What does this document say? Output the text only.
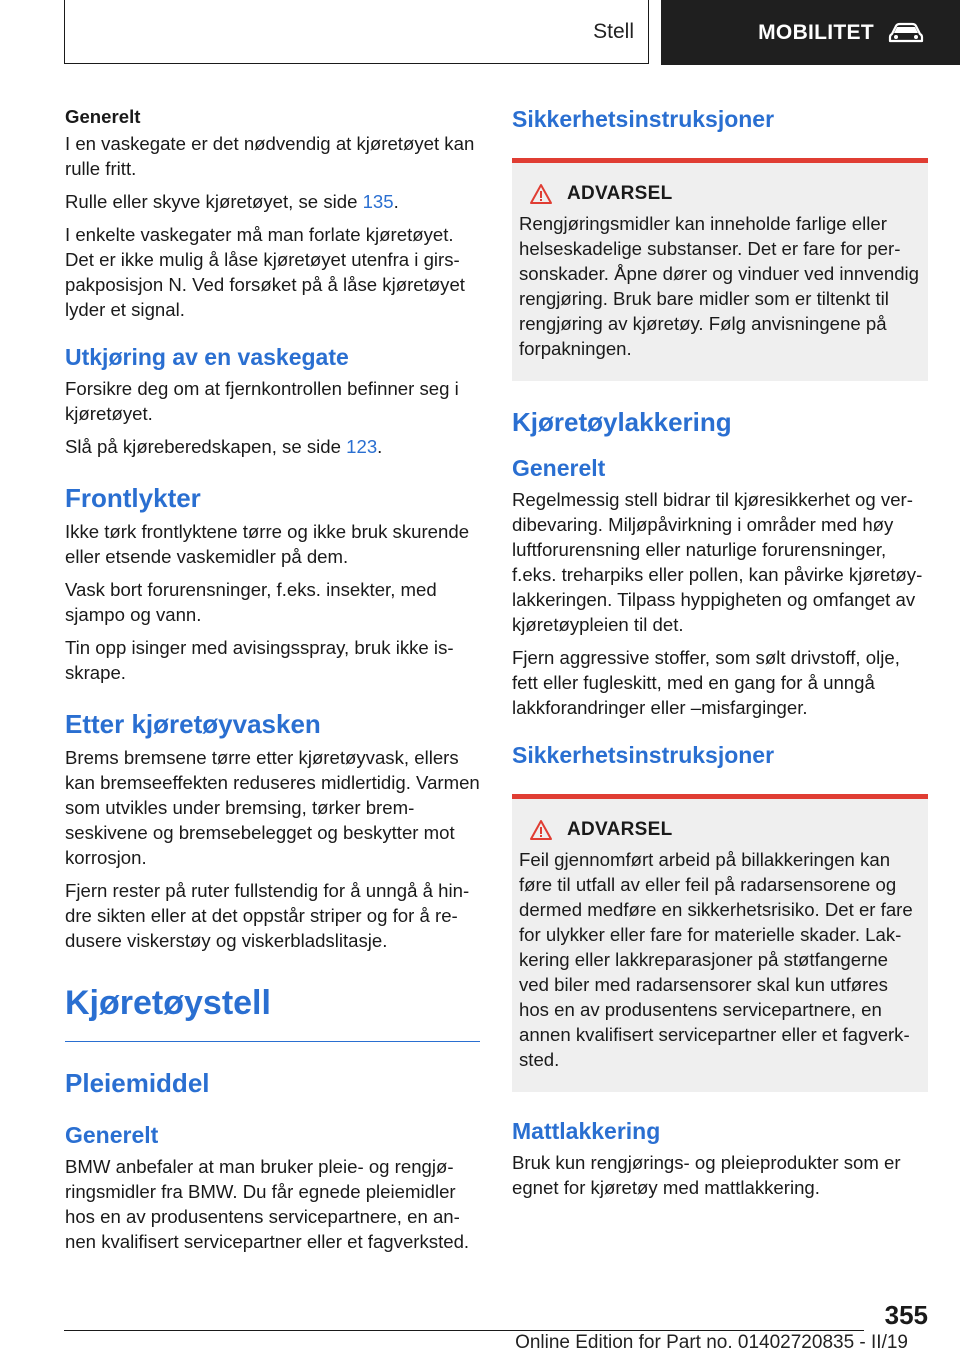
Stell	MOBILITET
Generelt

I en vaskegate er det nødvendig at kjøretøyet kan rulle fritt.

Rulle eller skyve kjøretøyet, se side 135.

I enkelte vaskegater må man forlate kjøretøyet. Det er ikke mulig å låse kjøretøyet utenfra i girspakposisjon N. Ved forsøket på å låse kjøretøyet lyder et signal.

Utkjøring av en vaskegate

Forsikre deg om at fjernkontrollen befinner seg i kjøretøyet.

Slå på kjøreberedskapen, se side 123.

Frontlykter

Ikke tørk frontlyktene tørre og ikke bruk skurende eller etsende vaskemidler på dem.

Vask bort forurensninger, f.eks. insekter, med sjampo og vann.

Tin opp isinger med avisingsspray, bruk ikke isskrape.

Etter kjøretøyvasken

Brems bremsene tørre etter kjøretøyvask, ellers kan bremseeffekten reduseres midlertidig. Varmen som utvikles under bremsing, tørker bremseskivene og bremsebelegget og beskytter mot korrosjon.

Fjern rester på ruter fullstendig for å unngå å hindre sikten eller at det oppstår striper og for å redusere viskerstøy og viskerbladslitasje.

Kjøretøystell
Pleiemiddel
Generelt

BMW anbefaler at man bruker pleie- og rengjøringsmidler fra BMW. Du får egnede pleiemidler hos en av produsentens servicepartnere, en annen kvalifisert servicepartner eller et fagverksted.

Sikkerhetsinstruksjoner
ADVARSEL

Rengjøringsmidler kan inneholde farlige eller helseskadelige substanser. Det er fare for personskader. Åpne dører og vinduer ved innvendig rengjøring. Bruk bare midler som er tiltenkt til rengjøring av kjøretøy. Følg anvisningene på forpakningen.

Kjøretøylakkering
Generelt

Regelmessig stell bidrar til kjøresikkerhet og verdibevaring. Miljøpåvirkning i områder med høy luftforurensning eller naturlige forurensninger, f.eks. treharpiks eller pollen, kan påvirke kjøretøylakkeringen. Tilpass hyppigheten og omfanget av kjøretøypleien til det.

Fjern aggressive stoffer, som sølt drivstoff, olje, fett eller fugleskitt, med en gang for å unngå lakkforandringer eller –misfarginger.

Sikkerhetsinstruksjoner
ADVARSEL

Feil gjennomført arbeid på billakkeringen kan føre til utfall av eller feil på radarsensorene og dermed medføre en sikkerhetsrisiko. Det er fare for ulykker eller fare for materielle skader. Lakkering eller lakkreparasjoner på støtfangerne ved biler med radarsensorer skal kun utføres hos en av produsentens servicepartnere, en annen kvalifisert servicepartner eller et fagverksted.

Mattlakkering

Bruk kun rengjørings- og pleieprodukter som er egnet for kjøretøy med mattlakkering.

355
Online Edition for Part no. 01402720835 - II/19
